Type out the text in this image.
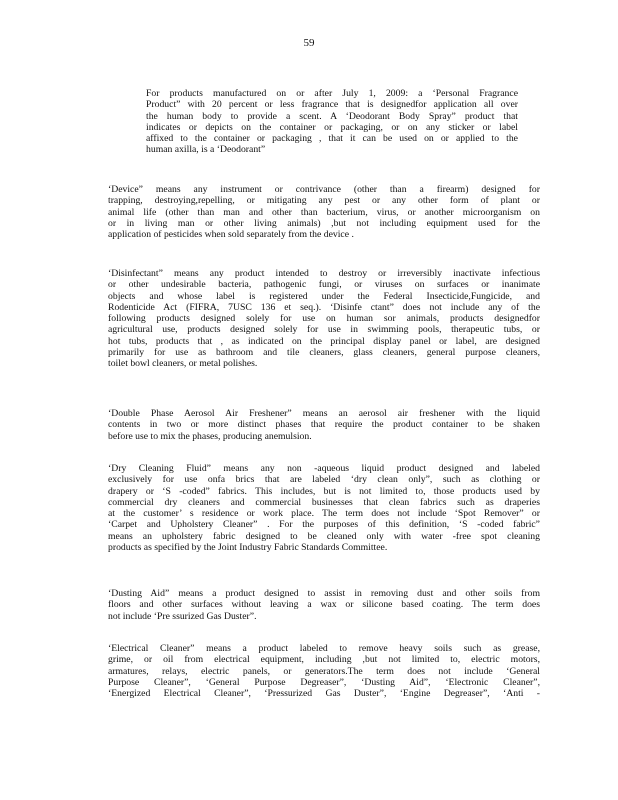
59
For products manufactured on or after July 1, 2009: a ‘Personal Fragrance
Product” with 20 percent or less fragrance that is designedfor application all over
the human body to provide a scent. A ‘Deodorant Body Spray” product that
indicates or depicts on the container or packaging, or on any sticker or label
affixed to the container or packaging , that it can be used on or applied to the
human axilla, is a ‘Deodorant”
‘Device” means any instrument or contrivance (other than a firearm) designed for
trapping, destroying,repelling, or mitigating any pest or any other form of plant or
animal life (other than man and other than bacterium, virus, or another microorganism on
or in living man or other living animals) ,but not including equipment used for the
application of pesticides when sold separately from the device .
‘Disinfectant” means any product intended to destroy or irreversibly inactivate infectious
or other undesirable bacteria, pathogenic fungi, or viruses on surfaces or inanimate
objects and whose label is registered under the Federal Insecticide,Fungicide, and
Rodenticide Act (FIFRA, 7USC 136 et seq.). ‘Disinfe ctant” does not include any of the
following products designed solely for use on human sor animals, products designedfor
agricultural use, products designed solely for use in swimming pools, therapeutic tubs, or
hot tubs, products that , as indicated on the principal display panel or label, are designed
primarily for use as bathroom and tile cleaners, glass cleaners, general purpose cleaners,
toilet bowl cleaners, or metal polishes.
‘Double Phase Aerosol Air Freshener” means an aerosol air freshener with the liquid
contents in two or more distinct phases that require the product container to be shaken
before use to mix the phases, producing anemulsion.
‘Dry Cleaning Fluid” means any non -aqueous liquid product designed and labeled
exclusively for use onfa brics that are labeled ‘dry clean only”, such as clothing or
drapery or ‘S -coded” fabrics. This includes, but is not limited to, those products used by
commercial dry cleaners and commercial businesses that clean fabrics such as draperies
at the customer’ s residence or work place. The term does not include ‘Spot Remover” or
‘Carpet and Upholstery Cleaner” . For the purposes of this definition, ‘S -coded fabric”
means an upholstery fabric designed to be cleaned only with water -free spot cleaning
products as specified by the Joint Industry Fabric Standards Committee.
‘Dusting Aid” means a product designed to assist in removing dust and other soils from
floors and other surfaces without leaving a wax or silicone based coating. The term does
not include ‘Pre ssurized Gas Duster”.
‘Electrical Cleaner” means a product labeled to remove heavy soils such as grease,
grime, or oil from electrical equipment, including ,but not limited to, electric motors,
armatures, relays, electric panels, or generators.The term does not include ‘General
Purpose Cleaner”, ‘General Purpose Degreaser”, ‘Dusting Aid”, ‘Electronic Cleaner”,
‘Energized Electrical Cleaner”, ‘Pressurized Gas Duster”, ‘Engine Degreaser”, ‘Anti -
